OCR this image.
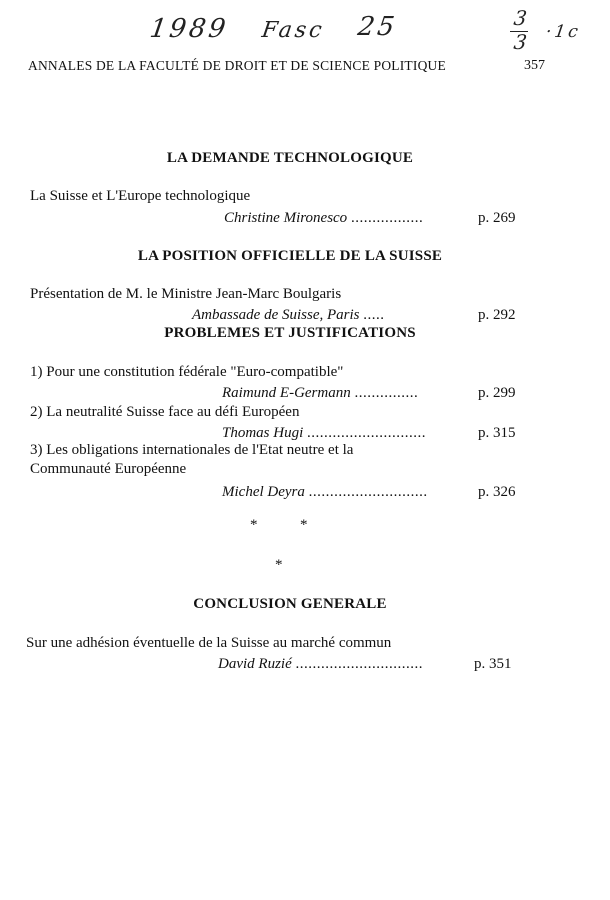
1989 Fasc 25	3
3 ·1c
ANNALES DE LA FACULTÉ DE DROIT ET DE SCIENCE POLITIQUE	357
LA DEMANDE TECHNOLOGIQUE
La Suisse et L'Europe technologique
Christine Mironesco .................	p. 269
LA POSITION OFFICIELLE DE LA SUISSE
Présentation de M. le Ministre Jean-Marc Boulgaris
Ambassade de Suisse, Paris .....	p. 292
PROBLEMES ET JUSTIFICATIONS
1) Pour une constitution fédérale "Euro-compatible"
Raimund E-Germann ...............	p. 299
2) La neutralité Suisse face au défi Européen
Thomas Hugi ............................	p. 315
3) Les obligations internationales de l'Etat neutre et la
Communauté Européenne
Michel Deyra ............................	p. 326
*	*
*
CONCLUSION GENERALE
Sur une adhésion éventuelle de la Suisse au marché commun
David Ruzié ..............................	p. 351
